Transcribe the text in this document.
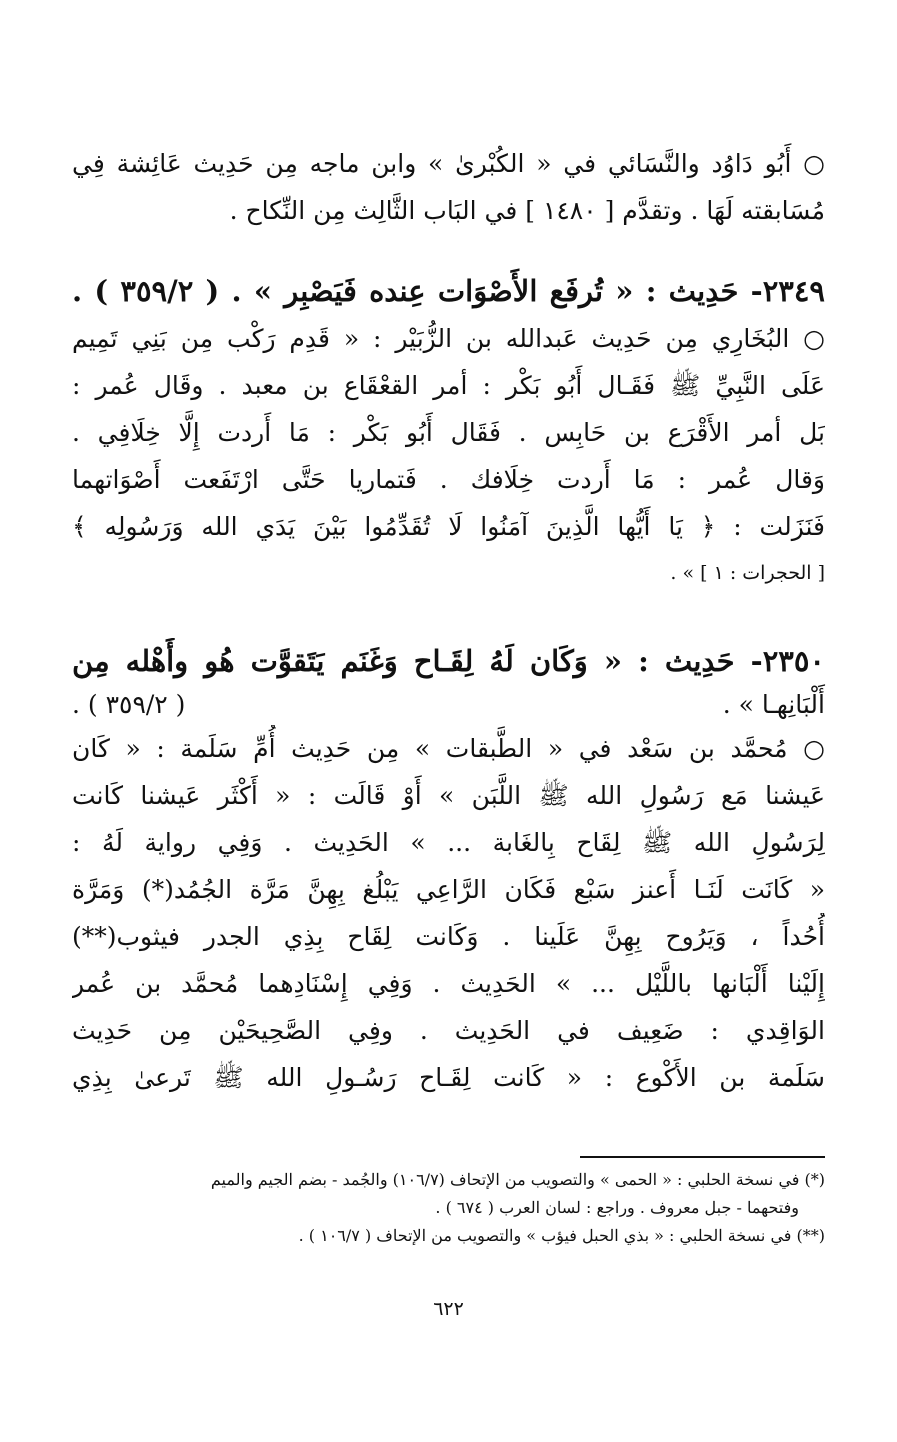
○ أَبُو دَاوُد والنَّسَائي في « الكُبْرىٰ » وابن ماجه مِن حَدِيث عَائِشة فِي
مُسَابقته لَهَا . وتقدَّم [ ١٤٨٠ ] في البَاب الثَّالِث مِن النِّكاح .
٢٣٤٩- حَدِيث : « تُرفَع الأَصْوَات عِنده فَيَصْبِر » . ( ٣٥٩/٢ ) .
○ البُخَارِي مِن حَدِيث عَبدالله بن الزُّبَيْر : « قَدِم رَكْب مِن بَنِي تَمِيم
عَلَى النَّبِيِّ ﷺ فَقَـال أَبُو بَكْر : أمر القعْقَاع بن معبد . وقَال عُمر :
بَل أمر الأَقْرَع بن حَابِس . فَقَال أَبُو بَكْر : مَا أَردت إِلَّا خِلَافِي .
وَقال عُمر : مَا أَردت خِلَافك . فَتماريا حَتَّى ارْتَفَعت أَصْوَاتهما
فَنَزَلت : ﴿ يَا أَيُّها الَّذِينَ آمَنُوا لَا تُقَدِّمُوا بَيْنَ يَدَي الله وَرَسُولِه ﴾
[ الحجرات : ١ ] » .
٢٣٥٠- حَدِيث : « وَكَان لَهُ لِقَـاح وَغَنَم يَتَقوَّت هُو وأَهْله مِن
أَلْبَانِهـا » .
( ٣٥٩/٢ ) .
○ مُحمَّد بن سَعْد في « الطَّبقات » مِن حَدِيث أُمِّ سَلَمة : « كَان
عَيشنا مَع رَسُولِ الله ﷺ اللَّبَن » أَوْ قَالَت : « أَكْثَر عَيشنا كَانت
لِرَسُولِ الله ﷺ لِقَاح بِالغَابة ... » الحَدِيث . وَفِي رواية لَهُ :
« كَانَت لَنَـا أَعنز سَبْع فَكَان الرَّاعِي يَبْلُغ بِهِنَّ مَرَّة الجُمُد(*) وَمَرَّة
أُحُداً ، وَيَرُوح بِهِنَّ عَلَينا . وَكَانت لِقَاح بِذِي الجدر فيثوب(**)
إِلَيْنا أَلْبَانها باللَّيْل ... » الحَدِيث . وَفِي إِسْنَادِهما مُحمَّد بن عُمر
الوَاقِدي : ضَعِيف في الحَدِيث . وفِي الصَّحِيحَيْن مِن حَدِيث
سَلَمة بن الأَكْوع : « كَانت لِقَـاح رَسُـولِ الله ﷺ تَرعىٰ بِذِي
(*) في نسخة الحلبي : « الحمى » والتصويب من الإتحاف (١٠٦/٧) والجُمد - بضم الجيم والميم
وفتحهما - جبل معروف . وراجع : لسان العرب ( ٦٧٤ ) .
(**) في نسخة الحلبي : « بذي الحبل فيؤب » والتصويب من الإتحاف ( ١٠٦/٧ ) .
٦٢٢
